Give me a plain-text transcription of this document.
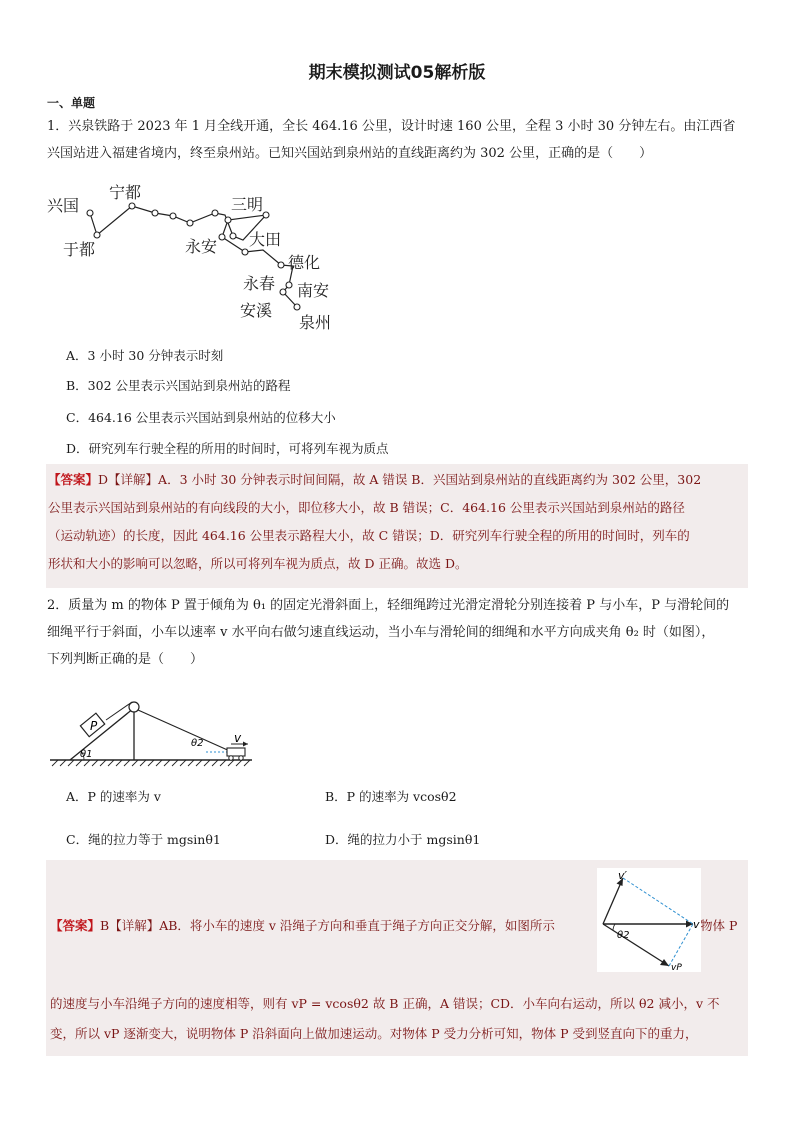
期末模拟测试05解析版
一、单题
1．兴泉铁路于 2023 年 1 月全线开通，全长 464.16 公里，设计时速 160 公里，全程 3 小时 30 分钟左右。由江西省
兴国站进入福建省境内，终至泉州站。已知兴国站到泉州站的直线距离约为 302 公里，正确的是（　　）
兴国
于都
宁都
三明
永安 大田
德化
永春 南安
安溪
泉州
A．3 小时 30 分钟表示时刻
B．302 公里表示兴国站到泉州站的路程
C．464.16 公里表示兴国站到泉州站的位移大小
D．研究列车行驶全程的所用的时间时，可将列车视为质点
【答案】D【详解】A．3 小时 30 分钟表示时间间隔，故 A 错误 B．兴国站到泉州站的直线距离约为 302 公里，302
公里表示兴国站到泉州站的有向线段的大小，即位移大小，故 B 错误；C．464.16 公里表示兴国站到泉州站的路径
（运动轨迹）的长度，因此 464.16 公里表示路程大小，故 C 错误；D．研究列车行驶全程的所用的时间时，列车的
形状和大小的影响可以忽略，所以可将列车视为质点，故 D 正确。故选 D。
2．质量为 m 的物体 P 置于倾角为 θ₁ 的固定光滑斜面上，轻细绳跨过光滑定滑轮分别连接着 P 与小车，P 与滑轮间的
细绳平行于斜面，小车以速率 v 水平向右做匀速直线运动，当小车与滑轮间的细绳和水平方向成夹角 θ₂ 时（如图），
下列判断正确的是（　　）
P
θ1
θ2	v
A．P 的速率为 v	B．P 的速率为 vcosθ2
C．绳的拉力等于 mgsinθ1	D．绳的拉力小于 mgsinθ1
【答案】B【详解】AB．将小车的速度 v 沿绳子方向和垂直于绳子方向正交分解，如图所示	物体 P
θ2
v′
v
vP
的速度与小车沿绳子方向的速度相等，则有 vP = vcosθ2 故 B 正确，A 错误；CD．小车向右运动，所以 θ2 减小，v 不
变，所以 vP 逐渐变大，说明物体 P 沿斜面向上做加速运动。对物体 P 受力分析可知，物体 P 受到竖直向下的重力，
